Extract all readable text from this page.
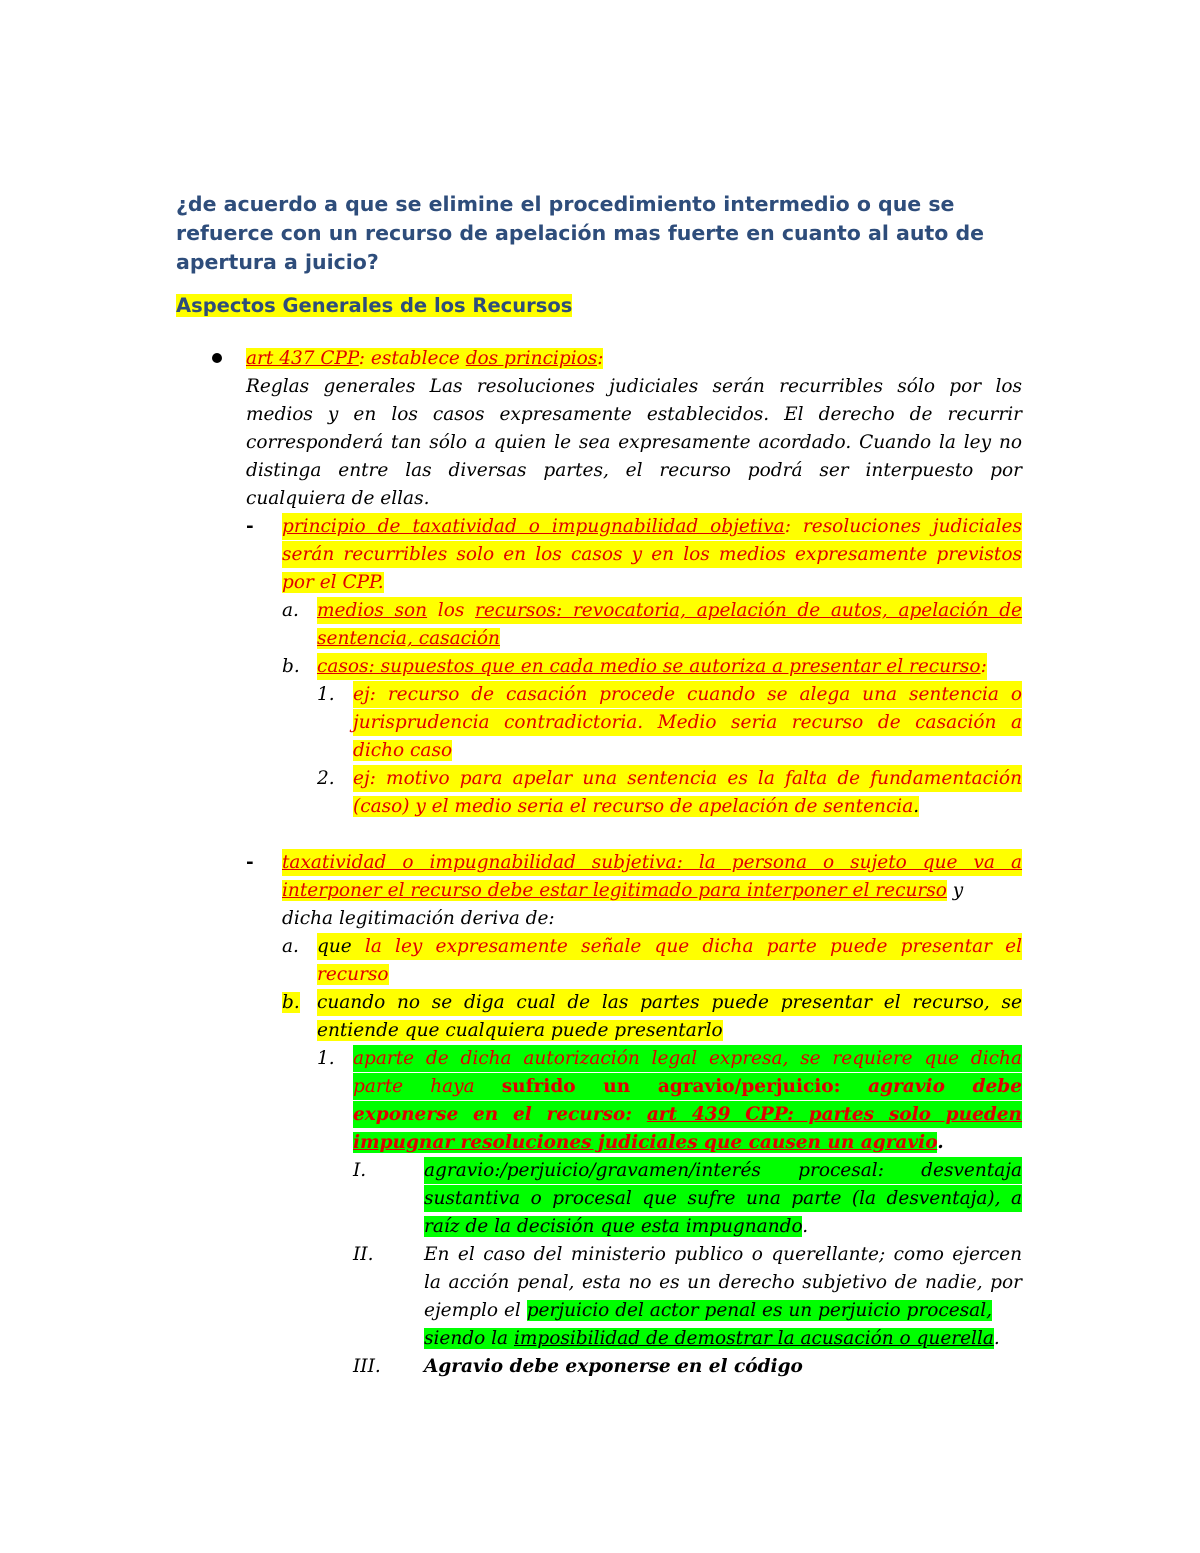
¿de acuerdo a que se elimine el procedimiento intermedio o que se refuerce con un recurso de apelación mas fuerte en cuanto al auto de apertura a juicio?
Aspectos Generales de los Recursos
art 437 CPP: establece dos principios:
Reglas generales Las resoluciones judiciales serán recurribles sólo por los
medios y en los casos expresamente establecidos. El derecho de recurrir
corresponderá tan sólo a quien le sea expresamente acordado. Cuando la ley no
distinga entre las diversas partes, el recurso podrá ser interpuesto por
cualquiera de ellas.
- principio de taxatividad o impugnabilidad objetiva: resoluciones judiciales
serán recurribles solo en los casos y en los medios expresamente previstos
por el CPP.
a. medios son los recursos: revocatoria, apelación de autos, apelación de
sentencia, casación
b. casos: supuestos que en cada medio se autoriza a presentar el recurso:
1. ej: recurso de casación procede cuando se alega una sentencia o
jurisprudencia contradictoria. Medio seria recurso de casación a
dicho caso
2. ej: motivo para apelar una sentencia es la falta de fundamentación
(caso) y el medio seria el recurso de apelación de sentencia.
- taxatividad o impugnabilidad subjetiva: la persona o sujeto que va a
interponer el recurso debe estar legitimado para interponer el recurso y
dicha legitimación deriva de:
a. que la ley expresamente señale que dicha parte puede presentar el
recurso
b. cuando no se diga cual de las partes puede presentar el recurso, se
entiende que cualquiera puede presentarlo
1. aparte de dicha autorización legal expresa, se requiere que dicha
parte haya sufrido un agravio/perjuicio: agravio debe
exponerse en el recurso: art 439 CPP: partes solo pueden
impugnar resoluciones judiciales que causen un agravio.
I.	agravio:/perjuicio/gravamen/interés procesal: desventaja
sustantiva o procesal que sufre una parte (la desventaja), a
raíz de la decisión que esta impugnando.
II.	En el caso del ministerio publico o querellante; como ejercen
la acción penal, esta no es un derecho subjetivo de nadie, por
ejemplo el perjuicio del actor penal es un perjuicio procesal,
siendo la imposibilidad de demostrar la acusación o querella.
III. Agravio debe exponerse en el código
